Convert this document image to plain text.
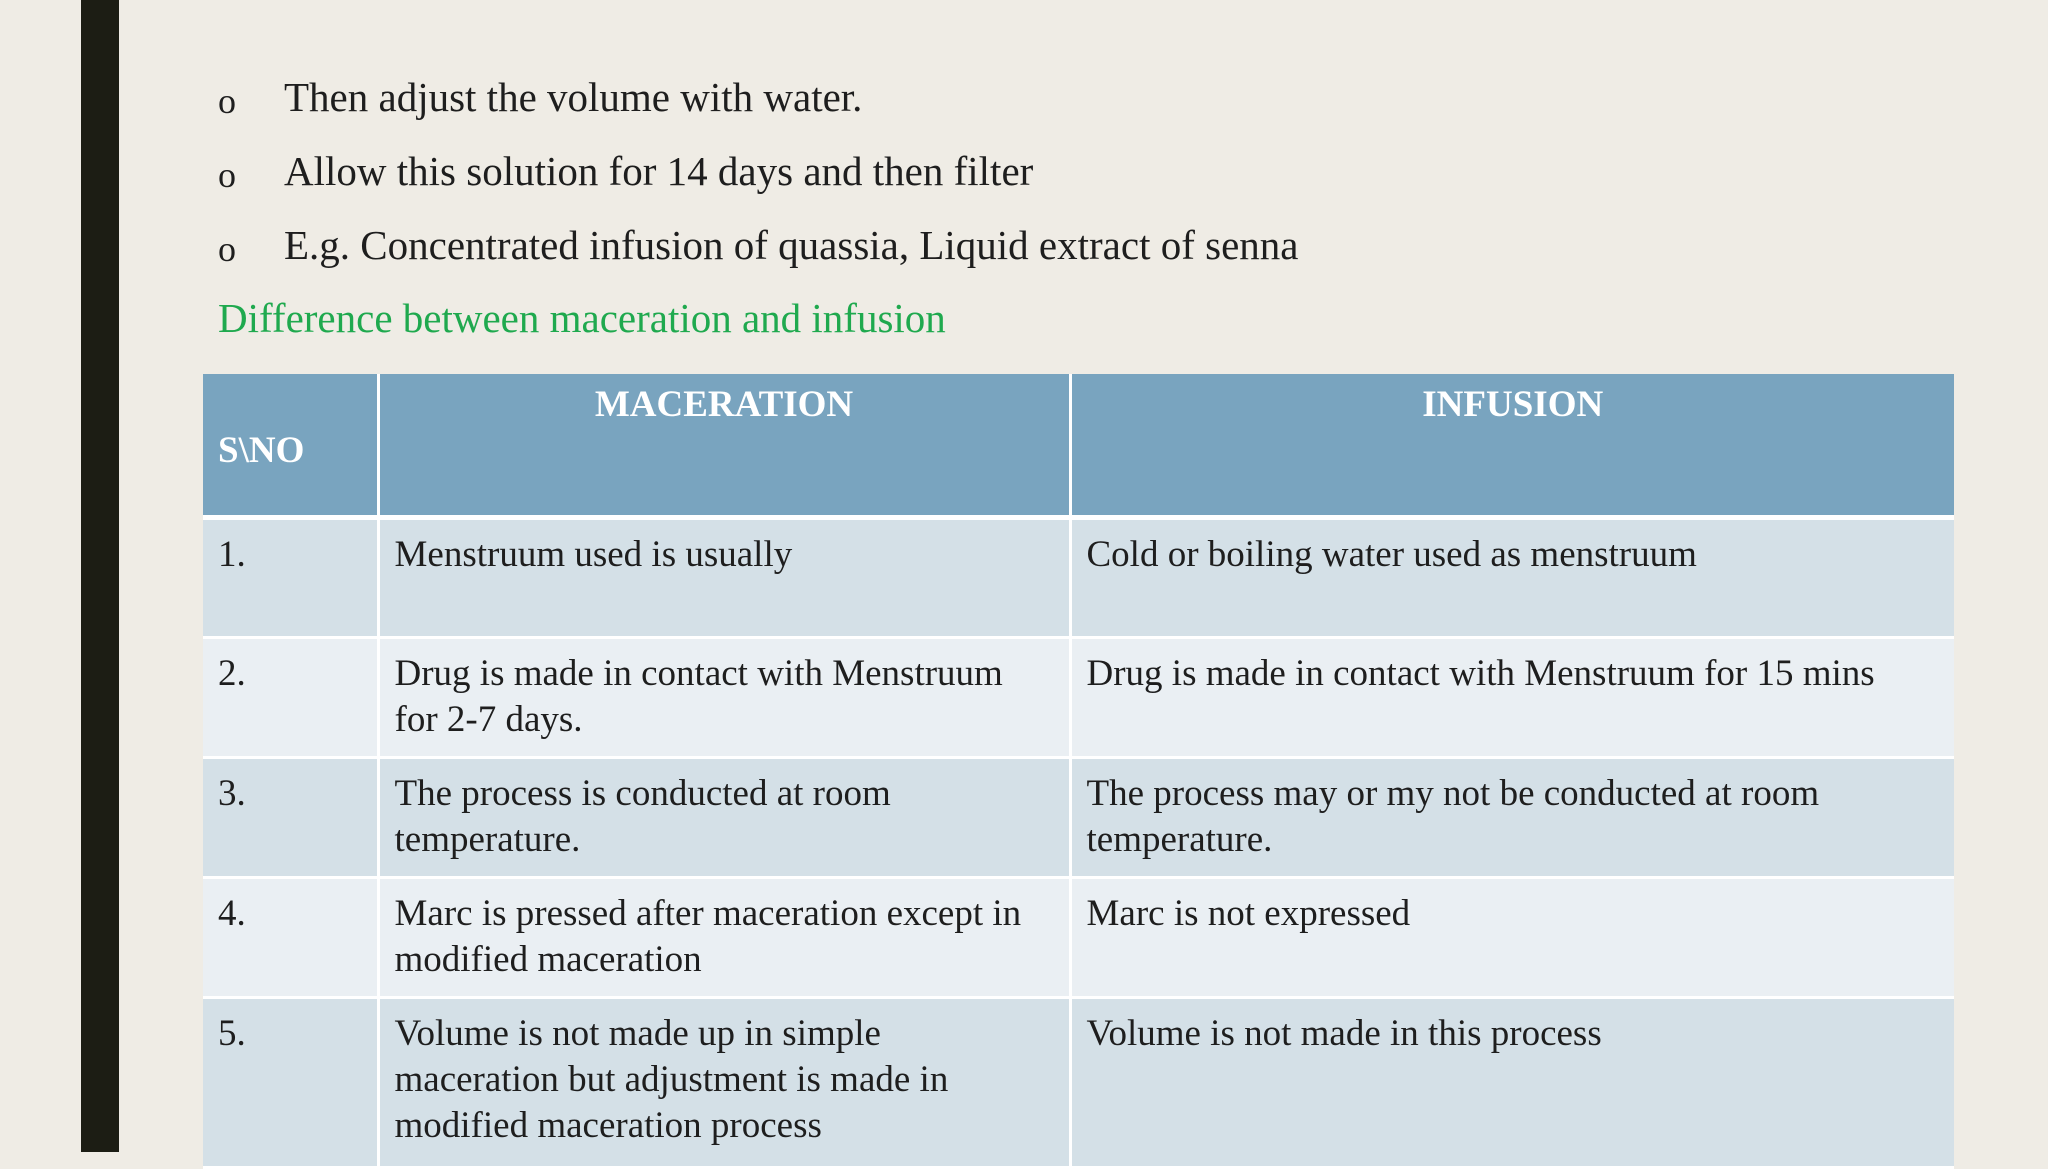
o Then adjust the volume with water.
o Allow this solution for 14 days and then filter
o E.g. Concentrated infusion of quassia, Liquid extract of senna
Difference between maceration and infusion
S\NO	MACERATION	INFUSION

1.	Menstruum used is usually	Cold or boiling water used as menstruum
2.	Drug is made in contact with Menstruum for 2-7 days.	Drug is made in contact with Menstruum for 15 mins
3.	The process is conducted at room temperature.	The process may or my not be conducted at room temperature.
4.	Marc is pressed after maceration except in modified maceration	Marc is not expressed
5.	Volume is not made up in simple maceration but adjustment is made in modified maceration process	Volume is not made in this process
